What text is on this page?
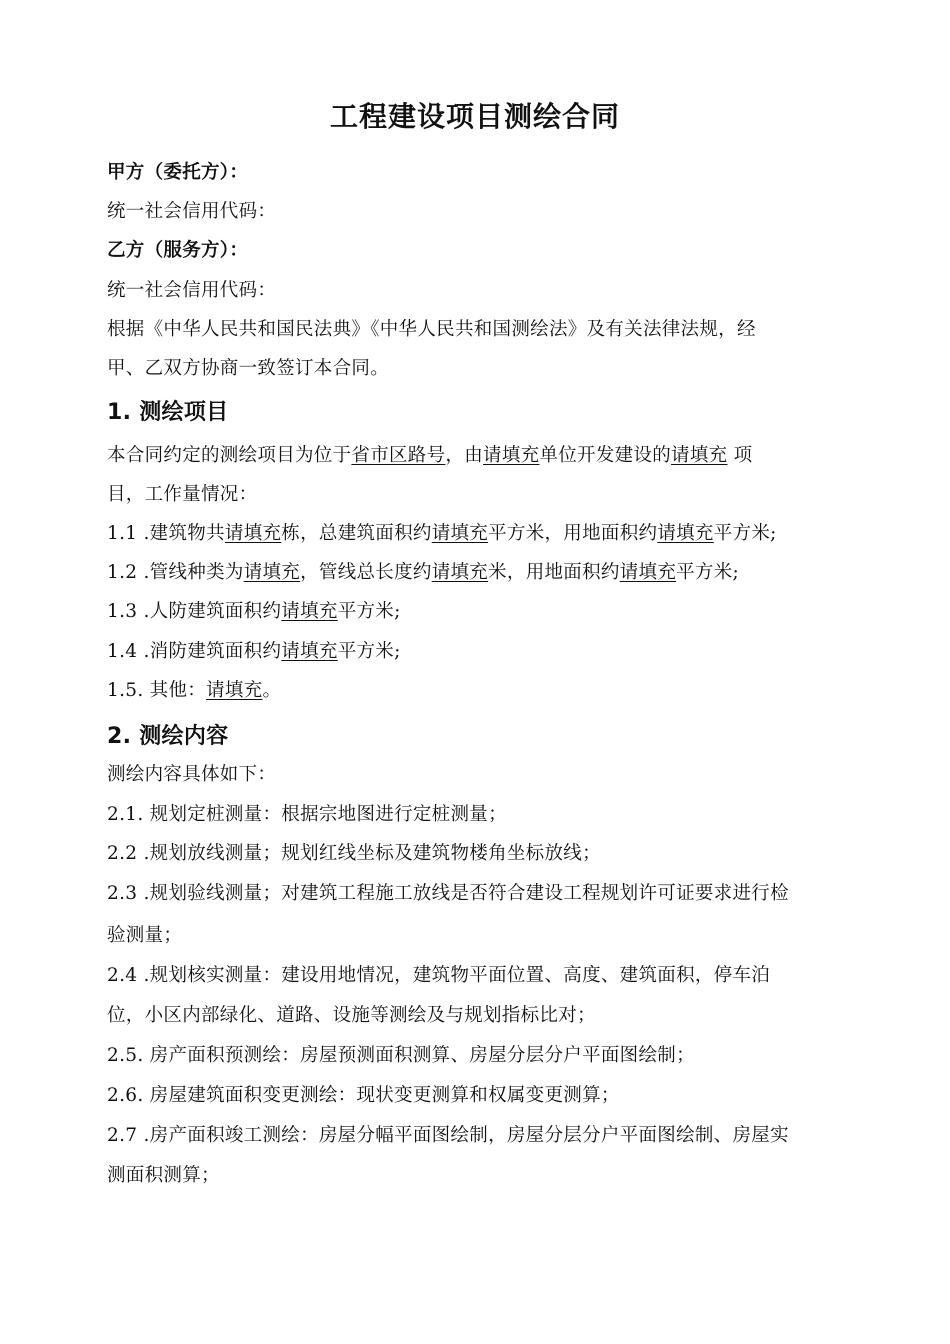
工程建设项目测绘合同
甲方（委托方）：
统一社会信用代码：
乙方（服务方）：
统一社会信用代码：
根据《中华人民共和国民法典》《中华人民共和国测绘法》及有关法律法规，经
甲、乙双方协商一致签订本合同。
1. 测绘项目
本合同约定的测绘项目为位于省市区路号，由请填充单位开发建设的请填充 项
目，工作量情况：
1.1 .建筑物共请填充栋，总建筑面积约请填充平方米，用地面积约请填充平方米;
1.2 .管线种类为请填充，管线总长度约请填充米，用地面积约请填充平方米;
1.3 .人防建筑面积约请填充平方米;
1.4 .消防建筑面积约请填充平方米;
1.5. 其他：请填充。
2. 测绘内容
测绘内容具体如下：
2.1. 规划定桩测量：根据宗地图进行定桩测量；
2.2 .规划放线测量；规划红线坐标及建筑物楼角坐标放线；
2.3 .规划验线测量；对建筑工程施工放线是否符合建设工程规划许可证要求进行检
验测量；
2.4 .规划核实测量：建设用地情况，建筑物平面位置、高度、建筑面积，停车泊
位，小区内部绿化、道路、设施等测绘及与规划指标比对；
2.5. 房产面积预测绘：房屋预测面积测算、房屋分层分户平面图绘制；
2.6. 房屋建筑面积变更测绘：现状变更测算和权属变更测算；
2.7 .房产面积竣工测绘：房屋分幅平面图绘制，房屋分层分户平面图绘制、房屋实
测面积测算；
